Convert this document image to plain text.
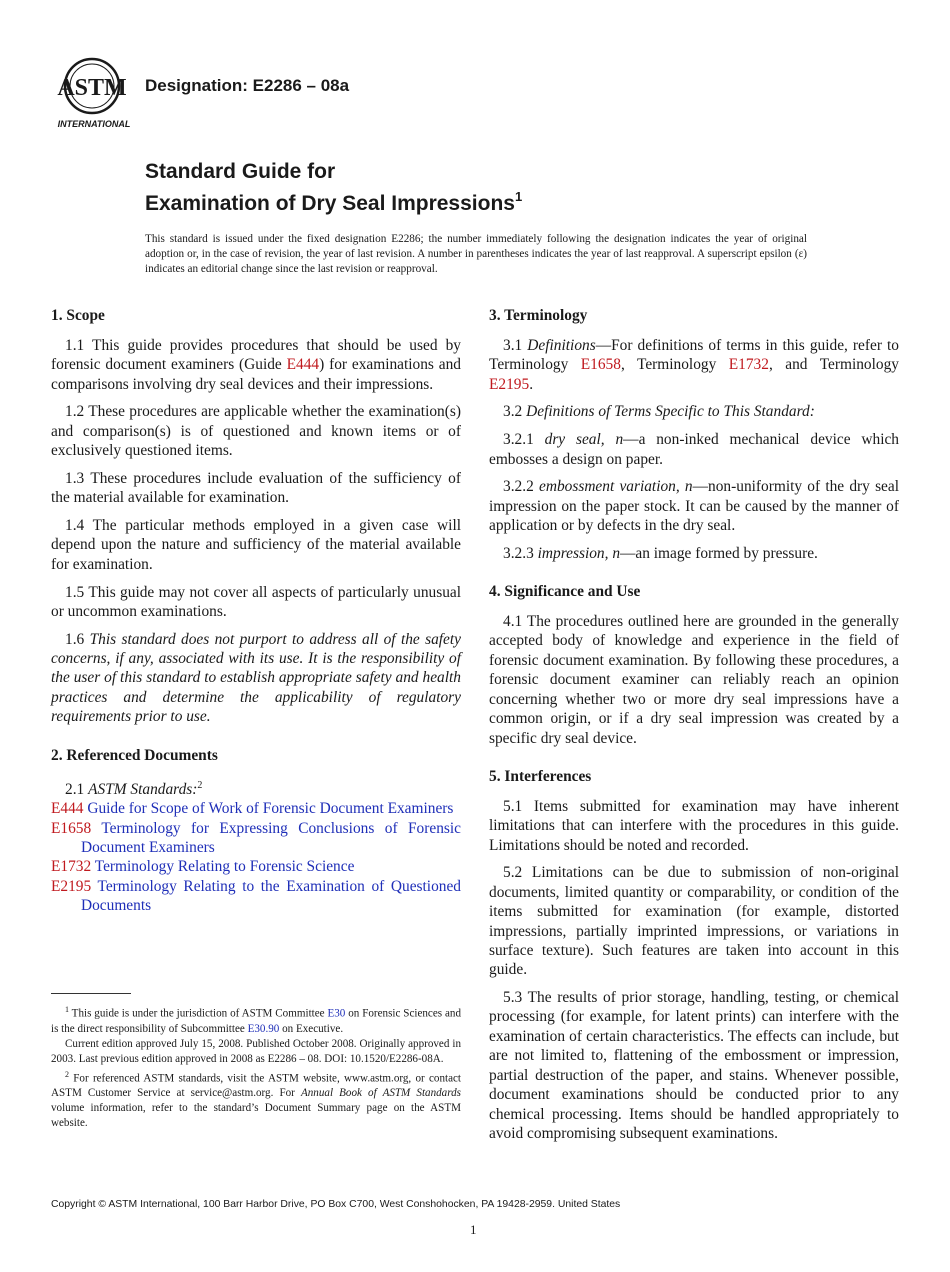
ASTM
INTERNATIONAL
Designation: E2286 – 08a
Standard Guide for
Examination of Dry Seal Impressions$^1$
This standard is issued under the fixed designation E2286; the number immediately following the designation indicates the year of original adoption or, in the case of revision, the year of last revision. A number in parentheses indicates the year of last reapproval. A superscript epsilon (ε) indicates an editorial change since the last revision or reapproval.
1. Scope

1.1 This guide provides procedures that should be used by forensic document examiners (Guide E444) for examinations and comparisons involving dry seal devices and their impressions.

1.2 These procedures are applicable whether the examination(s) and comparison(s) is of questioned and known items or of exclusively questioned items.

1.3 These procedures include evaluation of the sufficiency of the material available for examination.

1.4 The particular methods employed in a given case will depend upon the nature and sufficiency of the material available for examination.

1.5 This guide may not cover all aspects of particularly unusual or uncommon examinations.

1.6 This standard does not purport to address all of the safety concerns, if any, associated with its use. It is the responsibility of the user of this standard to establish appropriate safety and health practices and determine the applicability of regulatory requirements prior to use.

2. Referenced Documents
2.1 ASTM Standards:$^2$
E444 Guide for Scope of Work of Forensic Document Examiners
E1658 Terminology for Expressing Conclusions of Forensic Document Examiners
E1732 Terminology Relating to Forensic Science
E2195 Terminology Relating to the Examination of Questioned Documents
3. Terminology

3.1 Definitions—For definitions of terms in this guide, refer to Terminology E1658, Terminology E1732, and Terminology E2195.

3.2 Definitions of Terms Specific to This Standard:

3.2.1 dry seal, n—a non-inked mechanical device which embosses a design on paper.

3.2.2 embossment variation, n—non-uniformity of the dry seal impression on the paper stock. It can be caused by the manner of application or by defects in the dry seal.

3.2.3 impression, n—an image formed by pressure.

4. Significance and Use

4.1 The procedures outlined here are grounded in the generally accepted body of knowledge and experience in the field of forensic document examination. By following these procedures, a forensic document examiner can reliably reach an opinion concerning whether two or more dry seal impressions have a common origin, or if a dry seal impression was created by a specific dry seal device.

5. Interferences

5.1 Items submitted for examination may have inherent limitations that can interfere with the procedures in this guide. Limitations should be noted and recorded.

5.2 Limitations can be due to submission of non-original documents, limited quantity or comparability, or condition of the items submitted for examination (for example, distorted impressions, partially imprinted impressions, or variations in surface texture). Such features are taken into account in this guide.

5.3 The results of prior storage, handling, testing, or chemical processing (for example, for latent prints) can interfere with the examination of certain characteristics. The effects can include, but are not limited to, flattening of the embossment or impression, partial destruction of the paper, and stains. Whenever possible, document examinations should be conducted prior to any chemical processing. Items should be handled appropriately to avoid compromising subsequent examinations.

$^1$ This guide is under the jurisdiction of ASTM Committee E30 on Forensic Sciences and is the direct responsibility of Subcommittee E30.90 on Executive.

Current edition approved July 15, 2008. Published October 2008. Originally approved in 2003. Last previous edition approved in 2008 as E2286 – 08. DOI: 10.1520/E2286-08A.

$^2$ For referenced ASTM standards, visit the ASTM website, www.astm.org, or contact ASTM Customer Service at service@astm.org. For Annual Book of ASTM Standards volume information, refer to the standard’s Document Summary page on the ASTM website.

Copyright © ASTM International, 100 Barr Harbor Drive, PO Box C700, West Conshohocken, PA 19428-2959. United States
1
